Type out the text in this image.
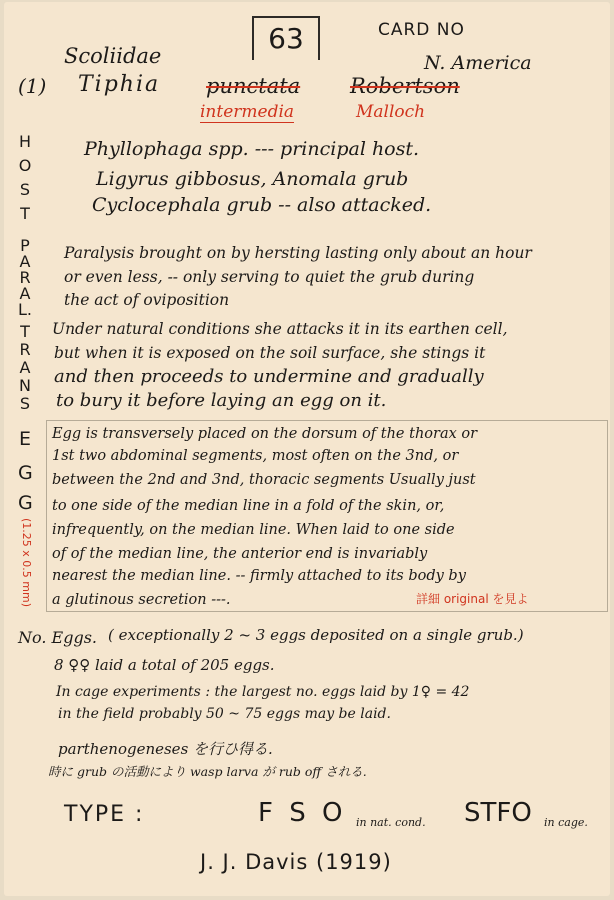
63	CARD NO
Scoliidae	N. America
(1) Tiphia punctata Robertson
intermedia	Malloch
H
O
S
T
Phyllophaga spp. --- principal host.
Ligyrus gibbosus, Anomala grub
Cyclocephala grub -- also attacked.
P
A
R
A
L.
Paralysis brought on by hersting lasting only about an hour
or even less, -- only serving to quiet the grub during
the act of oviposition
T
R
A
N
S
Under natural conditions she attacks it in its earthen cell,
but when it is exposed on the soil surface, she stings it
and then proceeds to undermine and gradually
to bury it before laying an egg on it.
E
G
G
(1.25 x 0.5 mm)
Egg is transversely placed on the dorsum of the thorax or
1st two abdominal segments, most often on the 3nd, or
between the 2nd and 3nd, thoracic segments Usually just
to one side of the median line in a fold of the skin, or,
infrequently, on the median line. When laid to one side
of of the median line, the anterior end is invariably
nearest the median line. -- firmly attached to its body by
a glutinous secretion ---.	詳細 original を見よ
No. Eggs. ( exceptionally 2 ~ 3 eggs deposited on a single grub.)
8 ♀♀ laid a total of 205 eggs.
In cage experiments : the largest no. eggs laid by 1♀ = 42
in the field probably 50 ~ 75 eggs may be laid.
parthenogeneses を行ひ得る.
時に grub の活動により wasp larva が rub off される.
TYPE :	F S O in nat. cond. STFO in cage.
J. J. Davis (1919)
